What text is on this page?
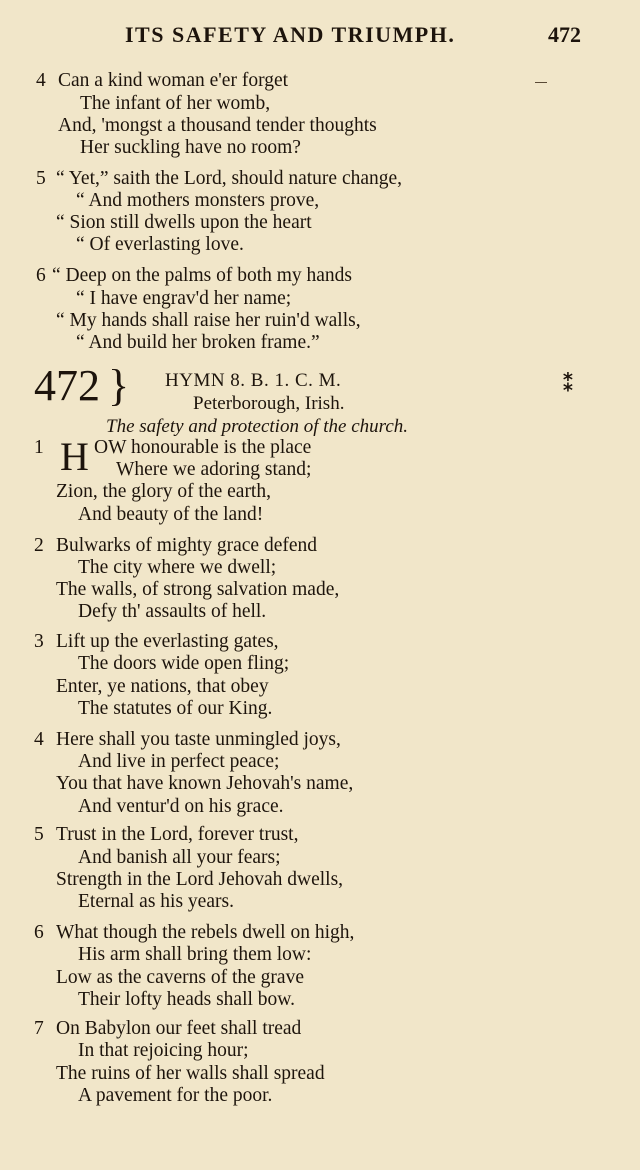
ITS SAFETY AND TRIUMPH.	472
4 Can a kind woman e'er forget
The infant of her womb,
And, 'mongst a thousand tender thoughts
Her suckling have no room?
5 “ Yet,” saith the Lord, should nature change,
“ And mothers monsters prove,
“ Sion still dwells upon the heart
“ Of everlasting love.
6 “ Deep on the palms of both my hands
“ I have engrav'd her name;
“ My hands shall raise her ruin'd walls,
“ And build her broken frame.”
472 } HYMN 8. B. 1. C. M.	⁑
Peterborough, Irish.
The safety and protection of the church.
1 H OW honourable is the place
Where we adoring stand;
Zion, the glory of the earth,
And beauty of the land!
2 Bulwarks of mighty grace defend
The city where we dwell;
The walls, of strong salvation made,
Defy th' assaults of hell.
3 Lift up the everlasting gates,
The doors wide open fling;
Enter, ye nations, that obey
The statutes of our King.
4 Here shall you taste unmingled joys,
And live in perfect peace;
You that have known Jehovah's name,
And ventur'd on his grace.
5 Trust in the Lord, forever trust,
And banish all your fears;
Strength in the Lord Jehovah dwells,
Eternal as his years.
6 What though the rebels dwell on high,
His arm shall bring them low:
Low as the caverns of the grave
Their lofty heads shall bow.
7 On Babylon our feet shall tread
In that rejoicing hour;
The ruins of her walls shall spread
A pavement for the poor.
